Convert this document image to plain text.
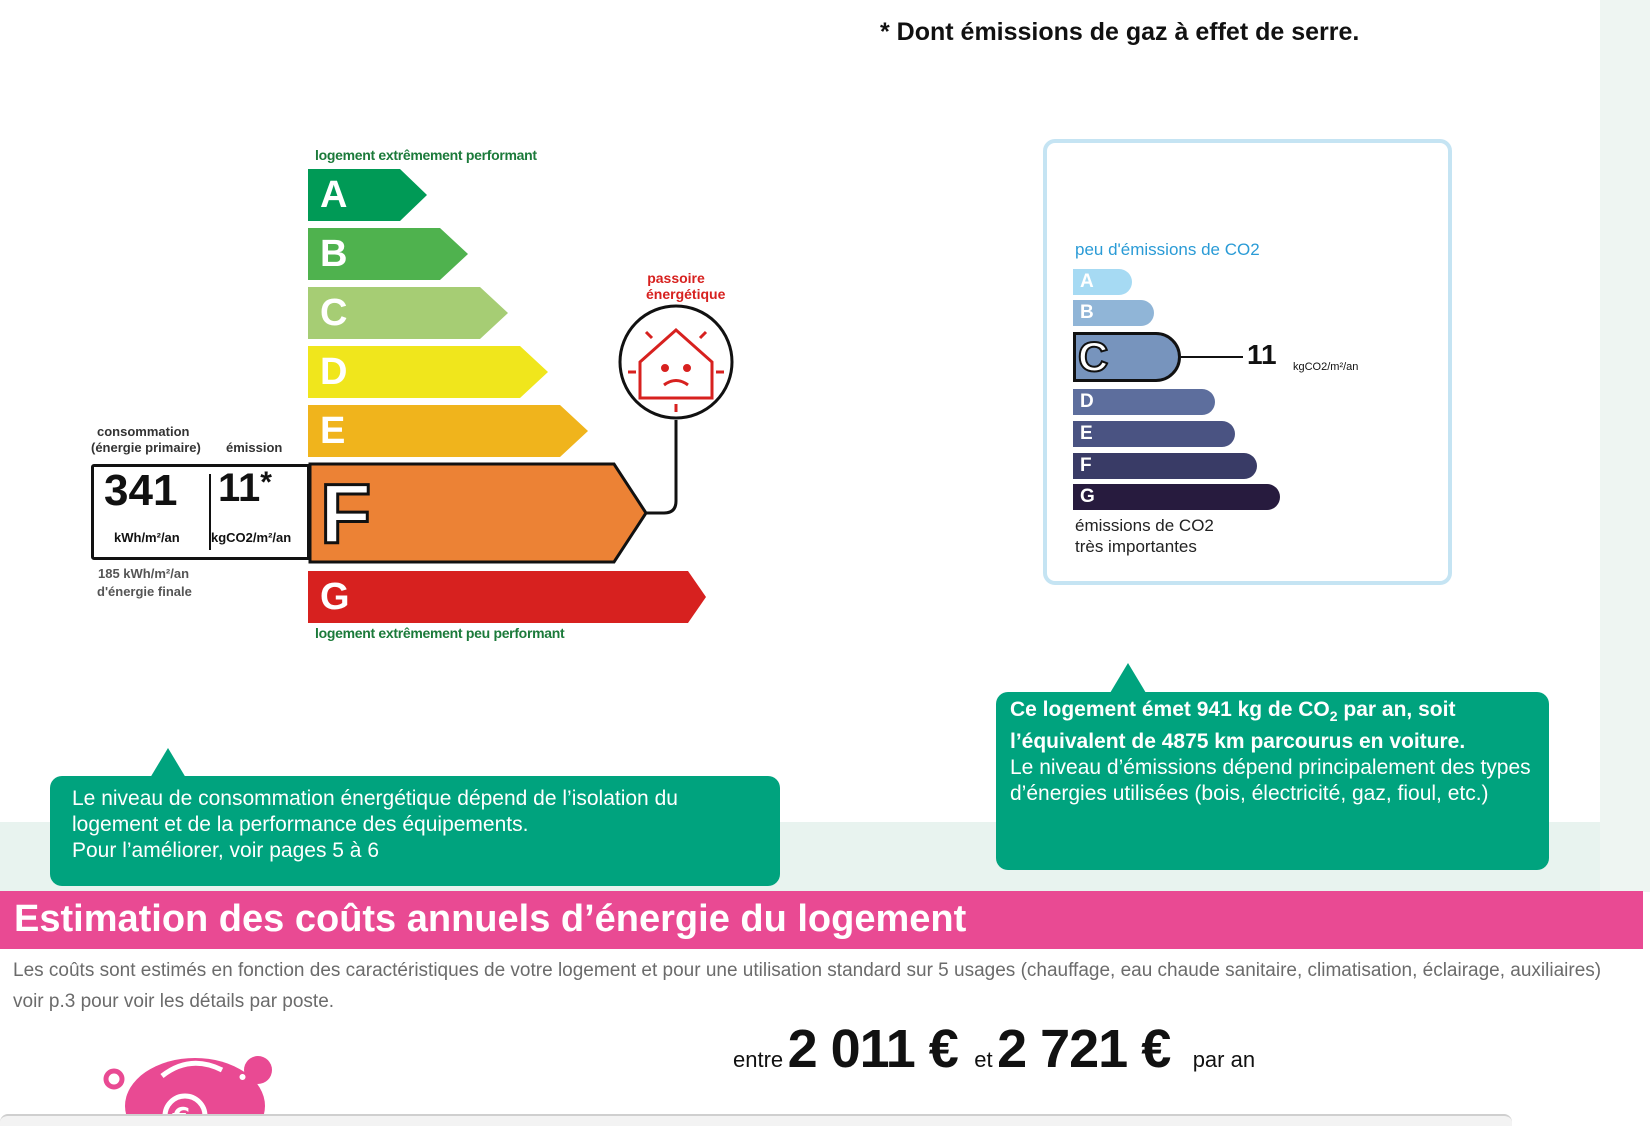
* Dont émissions de gaz à effet de serre.
logement extrêmement performant
A
B
C
D
E
F
G
logement extrêmement peu performant
passoire
énergétique
consommation
(énergie primaire) émission
341 11*
kWh/m²/an kgCO2/m²/an
185 kWh/m²/an
d'énergie finale
peu d'émissions de CO2
A
B
C
D
E
F
G
11 kgCO2/m²/an
émissions de CO2
très importantes
Le niveau de consommation énergétique dépend de l’isolation du
logement et de la performance des équipements.
Pour l’améliorer, voir pages 5 à 6
Ce logement émet 941 kg de $CO_2$ par an, soit
l’équivalent de 4875 km parcourus en voiture.
Le niveau d’émissions dépend principalement des types d’énergies utilisées (bois, électricité, gaz, fioul, etc.)
Estimation des coûts annuels d’énergie du logement
Les coûts sont estimés en fonction des caractéristiques de votre logement et pour une utilisation standard sur 5 usages (chauffage, eau chaude sanitaire, climatisation, éclairage, auxiliaires) voir p.3 pour voir les détails par poste.
entre 2 011 € et 2 721 € par an
